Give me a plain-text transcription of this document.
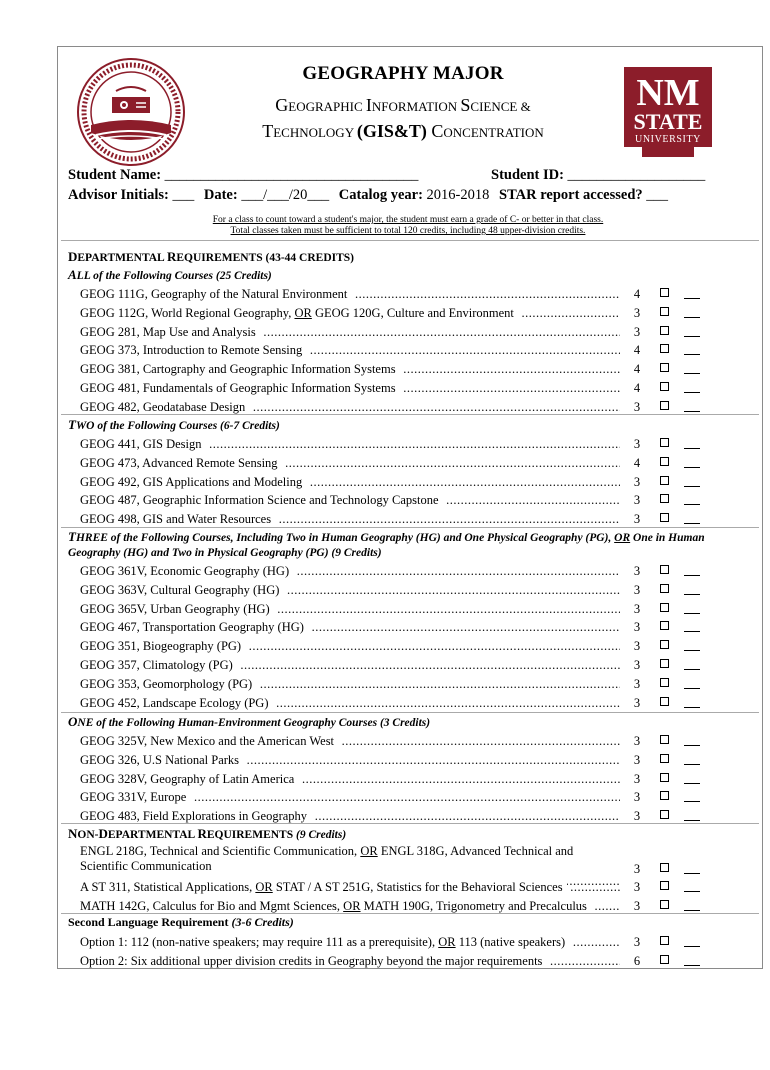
GEOGRAPHY MAJOR
GEOGRAPHIC INFORMATION SCIENCE &
TECHNOLOGY (GIS&T) CONCENTRATION
NM
STATE
UNIVERSITY
Student Name: ___________________________________	Student ID: ___________________
Advisor Initials: ___ Date: ___/___/20___ Catalog year: 2016-2018 STAR report accessed? ___
For a class to count toward a student's major, the student must earn a grade of C- or better in that class.
Total classes taken must be sufficient to total 120 credits, including 48 upper-division credits.
DEPARTMENTAL REQUIREMENTS (43-44 CREDITS)
ALL of the Following Courses (25 Credits)
GEOG 111G, Geography of the Natural Environment .....	4
GEOG 112G, World Regional Geography, OR GEOG 120G, Culture and Environment .....	3
GEOG 281, Map Use and Analysis .....	3
GEOG 373, Introduction to Remote Sensing .....	4
GEOG 381, Cartography and Geographic Information Systems .....	4
GEOG 481, Fundamentals of Geographic Information Systems .....	4
GEOG 482, Geodatabase Design .....	3
TWO of the Following Courses (6-7 Credits)
GEOG 441, GIS Design .....	3
GEOG 473, Advanced Remote Sensing .....	4
GEOG 492, GIS Applications and Modeling .....	3
GEOG 487, Geographic Information Science and Technology Capstone .....	3
GEOG 498, GIS and Water Resources .....	3
THREE of the Following Courses, Including Two in Human Geography (HG) and One Physical Geography (PG), OR One in Human Geography (HG) and Two in Physical Geography (PG) (9 Credits)
GEOG 361V, Economic Geography (HG) .....	3
GEOG 363V, Cultural Geography (HG) .....	3
GEOG 365V, Urban Geography (HG) .....	3
GEOG 467, Transportation Geography (HG) .....	3
GEOG 351, Biogeography (PG) .....	3
GEOG 357, Climatology (PG) .....	3
GEOG 353, Geomorphology (PG) .....	3
GEOG 452, Landscape Ecology (PG) .....	3
ONE of the Following Human-Environment Geography Courses (3 Credits)
GEOG 325V, New Mexico and the American West .....	3
GEOG 326, U.S National Parks .....	3
GEOG 328V, Geography of Latin America .....	3
GEOG 331V, Europe .....	3
GEOG 483, Field Explorations in Geography .....	3
NON-DEPARTMENTAL REQUIREMENTS (9 Credits)
ENGL 218G, Technical and Scientific Communication, OR ENGL 318G, Advanced Technical and Scientific Communication .....	3
A ST 311, Statistical Applications, OR STAT / A ST 251G, Statistics for the Behavioral Sciences .....	3
MATH 142G, Calculus for Bio and Mgmt Sciences, OR MATH 190G, Trigonometry and Precalculus .....	3
Second Language Requirement (3-6 Credits)
Option 1: 112 (non-native speakers; may require 111 as a prerequisite), OR 113 (native speakers) .....	3
Option 2: Six additional upper division credits in Geography beyond the major requirements .....	6
